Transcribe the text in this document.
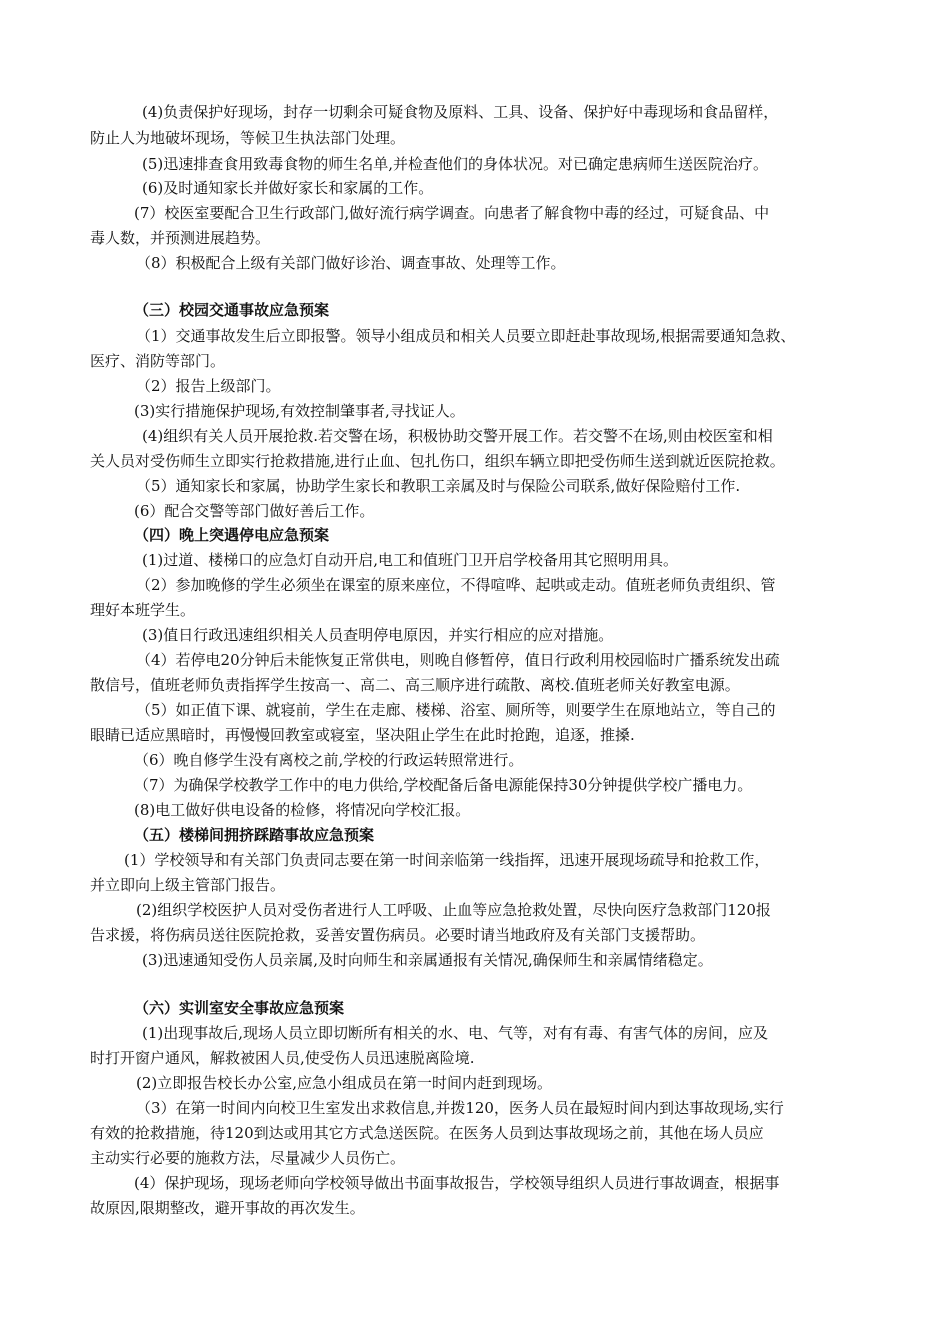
(4)负责保护好现场，封存一切剩余可疑食物及原料、工具、设备、保护好中毒现场和食品留样，
防止人为地破坏现场，等候卫生执法部门处理。
(5)迅速排查食用致毒食物的师生名单,并检查他们的身体状况。对已确定患病师生送医院治疗。
(6)及时通知家长并做好家长和家属的工作。
(7）校医室要配合卫生行政部门,做好流行病学调查。向患者了解食物中毒的经过，可疑食品、中
毒人数，并预测进展趋势。
（8）积极配合上级有关部门做好诊治、调查事故、处理等工作。
（三）校园交通事故应急预案
（1）交通事故发生后立即报警。领导小组成员和相关人员要立即赶赴事故现场,根据需要通知急救、
医疗、消防等部门。
（2）报告上级部门。
(3)实行措施保护现场,有效控制肇事者,寻找证人。
(4)组织有关人员开展抢救.若交警在场，积极协助交警开展工作。若交警不在场,则由校医室和相
关人员对受伤师生立即实行抢救措施,进行止血、包扎伤口，组织车辆立即把受伤师生送到就近医院抢救。
（5）通知家长和家属，协助学生家长和教职工亲属及时与保险公司联系,做好保险赔付工作.
(6）配合交警等部门做好善后工作。
（四）晚上突遇停电应急预案
(1)过道、楼梯口的应急灯自动开启,电工和值班门卫开启学校备用其它照明用具。
（2）参加晚修的学生必须坐在课室的原来座位，不得喧哗、起哄或走动。值班老师负责组织、管
理好本班学生。
(3)值日行政迅速组织相关人员查明停电原因，并实行相应的应对措施。
（4）若停电20分钟后未能恢复正常供电，则晚自修暂停，值日行政利用校园临时广播系统发出疏
散信号，值班老师负责指挥学生按高一、高二、高三顺序进行疏散、离校.值班老师关好教室电源。
（5）如正值下课、就寝前，学生在走廊、楼梯、浴室、厕所等，则要学生在原地站立，等自己的
眼睛已适应黑暗时，再慢慢回教室或寝室，坚决阻止学生在此时抢跑，追逐，推搡.
（6）晚自修学生没有离校之前,学校的行政运转照常进行。
（7）为确保学校教学工作中的电力供给,学校配备后备电源能保持30分钟提供学校广播电力。
(8)电工做好供电设备的检修，将情况向学校汇报。
（五）楼梯间拥挤踩踏事故应急预案
(1）学校领导和有关部门负责同志要在第一时间亲临第一线指挥，迅速开展现场疏导和抢救工作，
并立即向上级主管部门报告。
(2)组织学校医护人员对受伤者进行人工呼吸、止血等应急抢救处置，尽快向医疗急救部门120报
告求援，将伤病员送往医院抢救，妥善安置伤病员。必要时请当地政府及有关部门支援帮助。
(3)迅速通知受伤人员亲属,及时向师生和亲属通报有关情况,确保师生和亲属情绪稳定。
（六）实训室安全事故应急预案
(1)出现事故后,现场人员立即切断所有相关的水、电、气等，对有有毒、有害气体的房间，应及
时打开窗户通风，解救被困人员,使受伤人员迅速脱离险境.
(2)立即报告校长办公室,应急小组成员在第一时间内赶到现场。
（3）在第一时间内向校卫生室发出求救信息,并拨120，医务人员在最短时间内到达事故现场,实行
有效的抢救措施，待120到达或用其它方式急送医院。在医务人员到达事故现场之前，其他在场人员应
主动实行必要的施救方法，尽量减少人员伤亡。
(4）保护现场，现场老师向学校领导做出书面事故报告，学校领导组织人员进行事故调查，根据事
故原因,限期整改，避开事故的再次发生。
